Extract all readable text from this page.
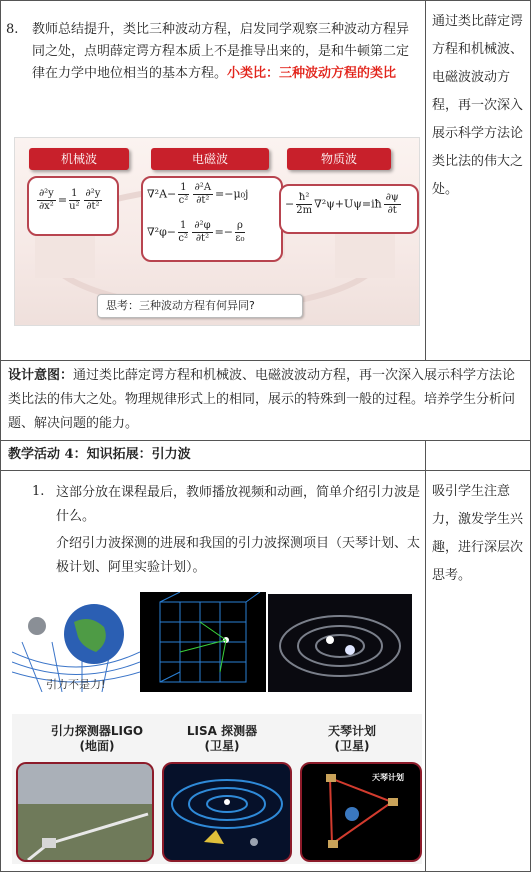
8. 教师总结提升，类比三种波动方程，启发同学观察三种波动方程异同之处，点明薛定谔方程本质上不是推导出来的，是和牛顿第二定律在力学中地位相当的基本方程。小类比：三种波动方程的类比
机械波	电磁波	物质波
$\frac{\text{∂²y}}{\text{∂x²}} = \frac{1}{\text{u²}} \frac{\text{∂²y}}{\text{∂t²}}$	$\nabla^2A- \frac{1}{\text{c²}} \frac{\text{∂²A}}{\text{∂t²}} =-\mu_0j$
$\nabla^2\varphi- \frac{1}{\text{c²}} \frac{\text{∂²φ}}{\text{∂t²}} =- \frac{\rho}{\text{ε₀}}$
− $\frac{\text{ħ²}}{2m}$ ∇²ψ+Uψ=iħ $\frac{\partial\psi}{\partial t}$
思考：三种波动方程有何异同?
通过类比薛定谔方程和机械波、电磁波波动方程，再一次深入展示科学方法论类比法的伟大之处。
设计意图：通过类比薛定谔方程和机械波、电磁波波动方程，再一次深入展示科学方法论类比法的伟大之处。物理规律形式上的相同，展示的特殊到一般的过程。培养学生分析问题、解决问题的能力。
教学活动 4：知识拓展：引力波
1. 这部分放在课程最后，教师播放视频和动画，简单介绍引力波是什么。
介绍引力波探测的进展和我国的引力波探测项目（天琴计划、太极计划、阿里实验计划）。
吸引学生注意力，激发学生兴趣，进行深层次思考。
引力不是力!
引力探测器LIGO
(地面)
LISA 探测器
(卫星)
天琴计划
(卫星)
天琴计划
